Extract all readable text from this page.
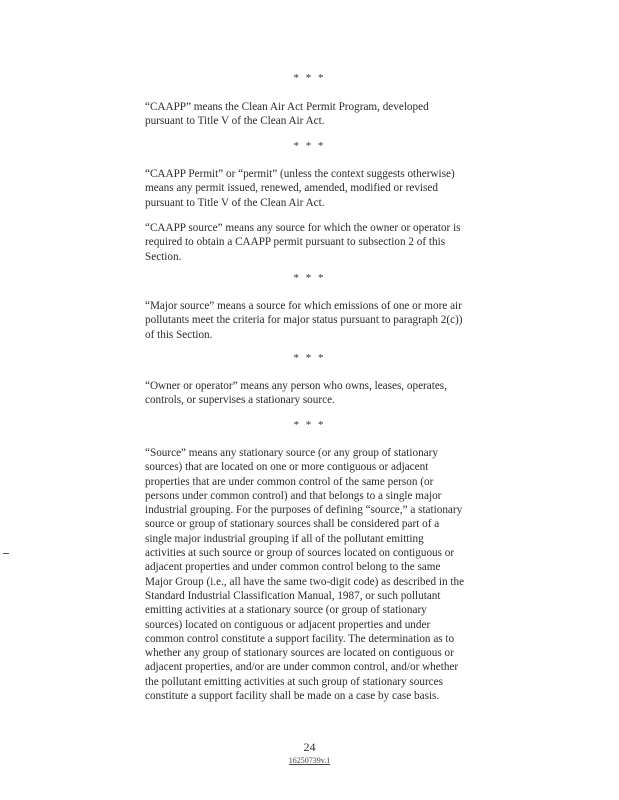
* * *
“CAAPP” means the Clean Air Act Permit Program, developed pursuant to Title V of the Clean Air Act.
* * *
“CAAPP Permit” or “permit” (unless the context suggests otherwise) means any permit issued, renewed, amended, modified or revised pursuant to Title V of the Clean Air Act.
“CAAPP source” means any source for which the owner or operator is required to obtain a CAAPP permit pursuant to subsection 2 of this Section.
* * *
“Major source” means a source for which emissions of one or more air pollutants meet the criteria for major status pursuant to paragraph 2(c)) of this Section.
* * *
“Owner or operator” means any person who owns, leases, operates, controls, or supervises a stationary source.
* * *
“Source” means any stationary source (or any group of stationary sources) that are located on one or more contiguous or adjacent properties that are under common control of the same person (or persons under common control) and that belongs to a single major industrial grouping. For the purposes of defining “source,” a stationary source or group of stationary sources shall be considered part of a single major industrial grouping if all of the pollutant emitting activities at such source or group of sources located on contiguous or adjacent properties and under common control belong to the same Major Group (i.e., all have the same two-digit code) as described in the Standard Industrial Classification Manual, 1987, or such pollutant emitting activities at a stationary source (or group of stationary sources) located on contiguous or adjacent properties and under common control constitute a support facility. The determination as to whether any group of stationary sources are located on contiguous or adjacent properties, and/or are under common control, and/or whether the pollutant emitting activities at such group of stationary sources constitute a support facility shall be made on a case by case basis.
24
16250739v.1
